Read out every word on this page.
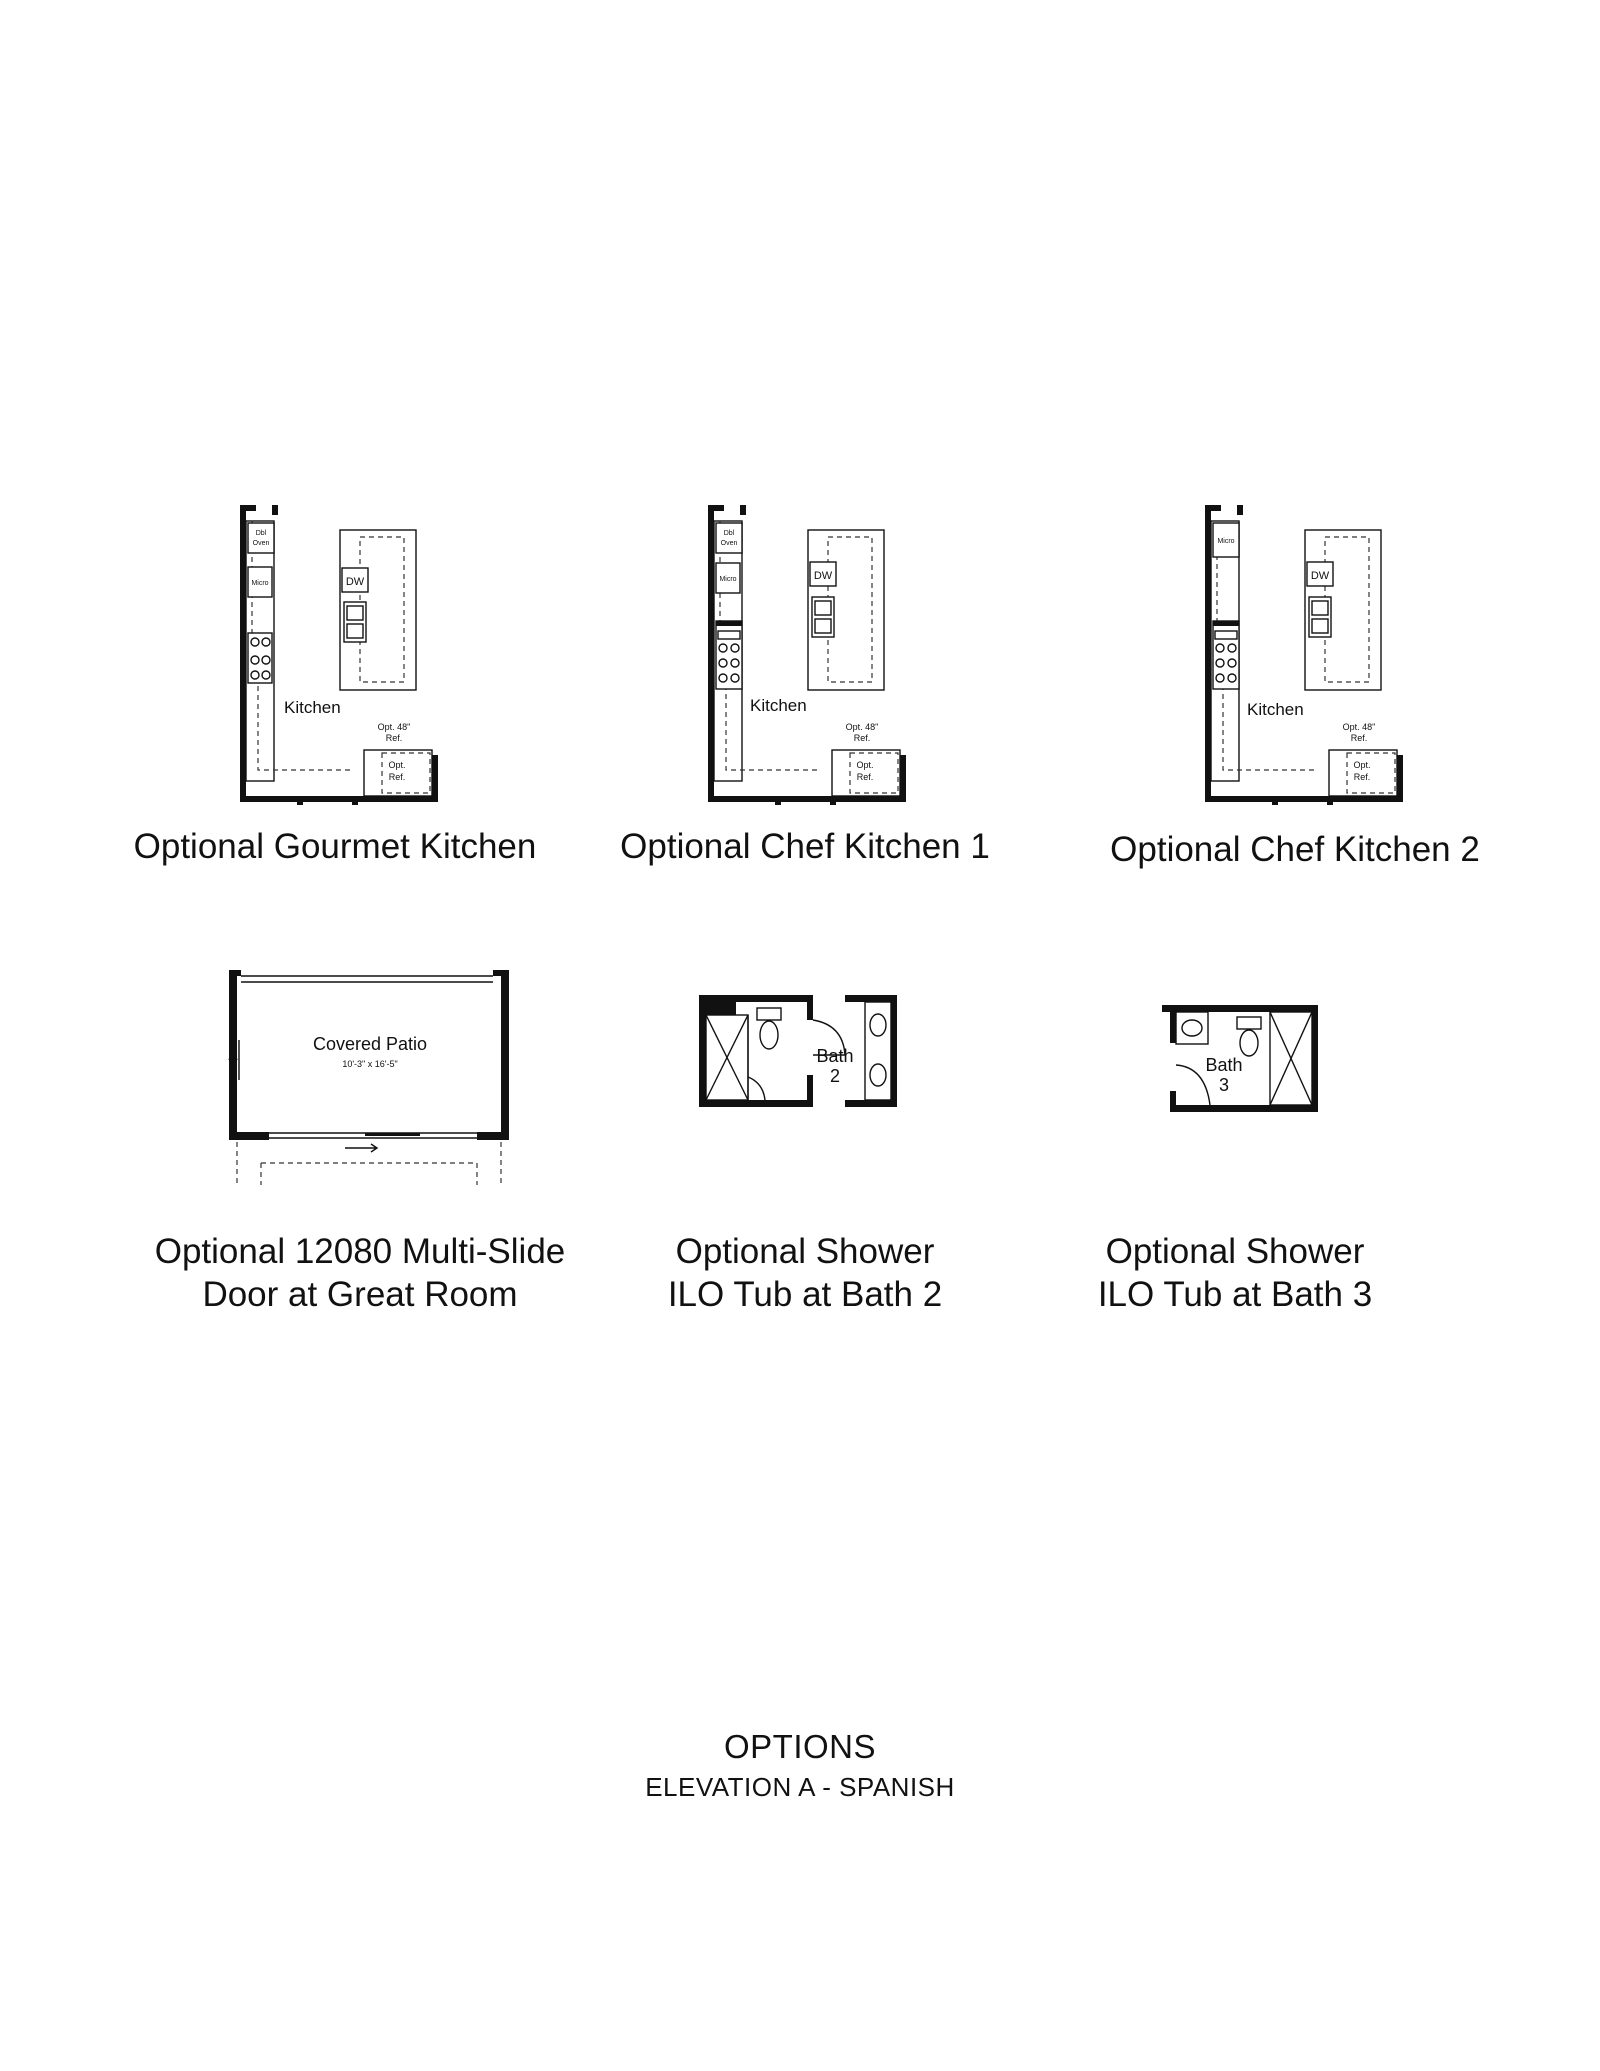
Dbl
Oven
Micro	DW
Opt.
Ref.
Kitchen
Opt. 48"
Ref.
Optional Gourmet Kitchen
Dbl
Oven
Micro	DW
Opt.
Ref.
Kitchen
Opt. 48"
Ref.
Optional Chef Kitchen 1
Micro
DW
Opt.
Ref.
Kitchen
Opt. 48"
Ref.
Optional Chef Kitchen 2
Covered Patio
10'-3" x 16'-5"
Optional 12080 Multi-Slide
Door at Great Room
Bath
2
Optional Shower
ILO Tub at Bath 2
Bath
3
Optional Shower
ILO Tub at Bath 3
OPTIONS
ELEVATION A - SPANISH
